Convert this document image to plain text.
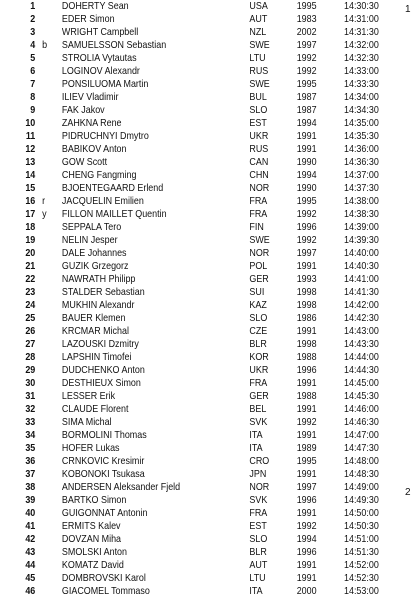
1	DOHERTY Sean	USA	1995	14:30:30
2	EDER Simon	AUT	1983	14:31:00
3	WRIGHT Campbell	NZL	2002	14:31:30
4 b	SAMUELSSON Sebastian	SWE	1997	14:32:00
5	STROLIA Vytautas	LTU	1992	14:32:30
6	LOGINOV Alexandr	RUS	1992	14:33:00
7	PONSILUOMA Martin	SWE	1995	14:33:30
8	ILIEV Vladimir	BUL	1987	14:34:00
9	FAK Jakov	SLO	1987	14:34:30
10	ZAHKNA Rene	EST	1994	14:35:00
11	PIDRUCHNYI Dmytro	UKR	1991	14:35:30
12	BABIKOV Anton	RUS	1991	14:36:00
13	GOW Scott	CAN	1990	14:36:30
14	CHENG Fangming	CHN	1994	14:37:00
15	BJOENTEGAARD Erlend	NOR	1990	14:37:30
16 r	JACQUELIN Emilien	FRA	1995	14:38:00
17 y	FILLON MAILLET Quentin	FRA	1992	14:38:30
18	SEPPALA Tero	FIN	1996	14:39:00
19	NELIN Jesper	SWE	1992	14:39:30
20	DALE Johannes	NOR	1997	14:40:00
21	GUZIK Grzegorz	POL	1991	14:40:30
22	NAWRATH Philipp	GER	1993	14:41:00
23	STALDER Sebastian	SUI	1998	14:41:30
24	MUKHIN Alexandr	KAZ	1998	14:42:00
25	BAUER Klemen	SLO	1986	14:42:30
26	KRCMAR Michal	CZE	1991	14:43:00
27	LAZOUSKI Dzmitry	BLR	1998	14:43:30
28	LAPSHIN Timofei	KOR	1988	14:44:00
29	DUDCHENKO Anton	UKR	1996	14:44:30
30	DESTHIEUX Simon	FRA	1991	14:45:00
31	LESSER Erik	GER	1988	14:45:30
32	CLAUDE Florent	BEL	1991	14:46:00
33	SIMA Michal	SVK	1992	14:46:30
34	BORMOLINI Thomas	ITA	1991	14:47:00
35	HOFER Lukas	ITA	1989	14:47:30
36	CRNKOVIC Kresimir	CRO	1995	14:48:00
37	KOBONOKI Tsukasa	JPN	1991	14:48:30
38	ANDERSEN Aleksander Fjeld	NOR	1997	14:49:00
39	BARTKO Simon	SVK	1996	14:49:30
40	GUIGONNAT Antonin	FRA	1991	14:50:00
41	ERMITS Kalev	EST	1992	14:50:30
42	DOVZAN Miha	SLO	1994	14:51:00
43	SMOLSKI Anton	BLR	1996	14:51:30
44	KOMATZ David	AUT	1991	14:52:00
45	DOMBROVSKI Karol	LTU	1991	14:52:30
46	GIACOMEL Tommaso	ITA	2000	14:53:00
1
2
